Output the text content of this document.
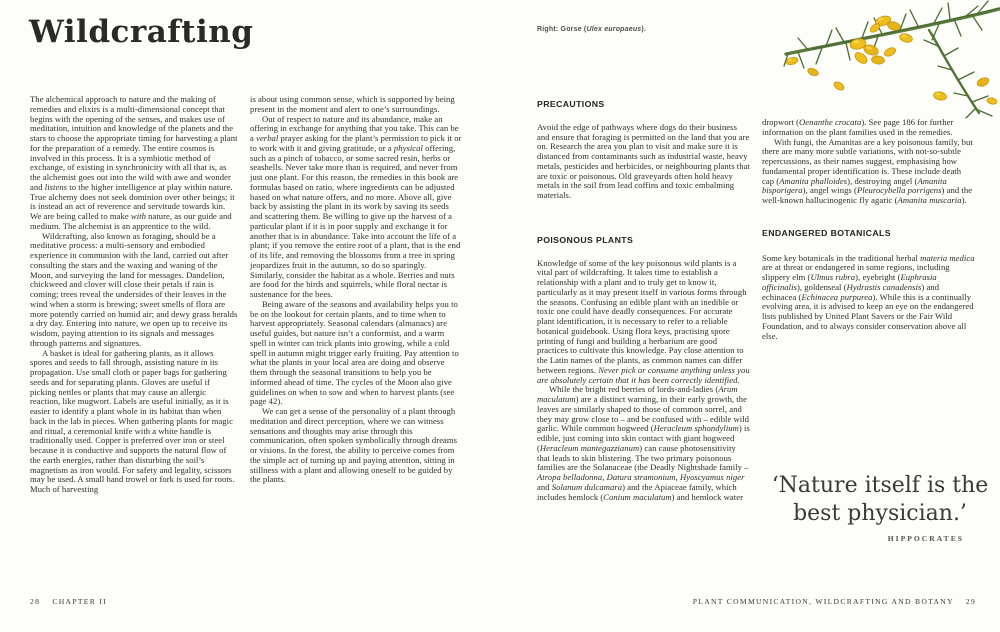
Wildcrafting

The alchemical approach to nature and the making of remedies and elixirs is a multi-dimensional concept that begins with the opening of the senses, and makes use of meditation, intuition and knowledge of the planets and the stars to choose the appropriate timing for harvesting a plant for the preparation of a remedy. The entire cosmos is involved in this process. It is a symbiotic method of exchange, of existing in synchronicity with all that is, as the alchemist goes out into the wild with awe and wonder and listens to the higher intelligence at play within nature. True alchemy does not seek dominion over other beings; it is instead an act of reverence and servitude towards kin. We are being called to make with nature, as our guide and medium. The alchemist is an apprentice to the wild.

Wildcrafting, also known as foraging, should be a meditative process: a multi-sensory and embodied experience in communion with the land, carried out after consulting the stars and the waxing and waning of the Moon, and surveying the land for messages. Dandelion, chickweed and clover will close their petals if rain is coming; trees reveal the undersides of their leaves in the wind when a storm is brewing; sweet smells of flora are more potently carried on humid air; and dewy grass heralds a dry day. Entering into nature, we open up to receive its wisdom, paying attention to its signals and messages through patterns and signatures.

A basket is ideal for gathering plants, as it allows spores and seeds to fall through, assisting nature in its propagation. Use small cloth or paper bags for gathering seeds and for separating plants. Gloves are useful if picking nettles or plants that may cause an allergic reaction, like mugwort. Labels are useful initially, as it is easier to identify a plant whole in its habitat than when back in the lab in pieces. When gathering plants for magic and ritual, a ceremonial knife with a white handle is traditionally used. Copper is preferred over iron or steel because it is conductive and supports the natural flow of the earth energies, rather than disturbing the soil’s magnetism as iron would. For safety and legality, scissors may be used. A small hand trowel or fork is used for roots. Much of harvesting

is about using common sense, which is supported by being present in the moment and alert to one’s surroundings.

Out of respect to nature and its abundance, make an offering in exchange for anything that you take. This can be a verbal prayer asking for the plant’s permission to pick it or to work with it and giving gratitude, or a physical offering, such as a pinch of tobacco, or some sacred resin, herbs or seashells. Never take more than is required, and never from just one plant. For this reason, the remedies in this book are formulas based on ratio, where ingredients can be adjusted based on what nature offers, and no more. Above all, give back by assisting the plant in its work by saving its seeds and scattering them. Be willing to give up the harvest of a particular plant if it is in poor supply and exchange it for another that is in abundance. Take into account the life of a plant; if you remove the entire root of a plant, that is the end of its life, and removing the blossoms from a tree in spring jeopardizes fruit in the autumn, so do so sparingly. Similarly, consider the habitat as a whole. Berries and nuts are food for the birds and squirrels, while floral nectar is sustenance for the bees.

Being aware of the seasons and availability helps you to be on the lookout for certain plants, and to time when to harvest appropriately. Seasonal calendars (almanacs) are useful guides, but nature isn’t a conformist, and a warm spell in winter can trick plants into growing, while a cold spell in autumn might trigger early fruiting. Pay attention to what the plants in your local area are doing and observe them through the seasonal transitions to help you be informed ahead of time. The cycles of the Moon also give guidelines on when to sow and when to harvest plants (see page 42).

We can get a sense of the personality of a plant through meditation and direct perception, where we can witness sensations and thoughts may arise through this communication, often spoken symbolically through dreams or visions. In the forest, the ability to perceive comes from the simple act of turning up and paying attention, sitting in stillness with a plant and allowing oneself to be guided by the plants.

28 CHAPTER II
Right: Gorse (Ulex europaeus).
PRECAUTIONS

Avoid the edge of pathways where dogs do their business and ensure that foraging is permitted on the land that you are on. Research the area you plan to visit and make sure it is distanced from contaminants such as industrial waste, heavy metals, pesticides and herbicides, or neighbouring plants that are toxic or poisonous. Old graveyards often hold heavy metals in the soil from lead coffins and toxic embalming materials.

POISONOUS PLANTS

Knowledge of some of the key poisonous wild plants is a vital part of wildcrafting. It takes time to establish a relationship with a plant and to truly get to know it, particularly as it may present itself in various forms through the seasons. Confusing an edible plant with an inedible or toxic one could have deadly consequences. For accurate plant identification, it is necessary to refer to a reliable botanical guidebook. Using flora keys, practising spore printing of fungi and building a herbarium are good practices to cultivate this knowledge. Pay close attention to the Latin names of the plants, as common names can differ between regions. Never pick or consume anything unless you are absolutely certain that it has been correctly identified.

While the bright red berries of lords-and-ladies (Arum maculatum) are a distinct warning, in their early growth, the leaves are similarly shaped to those of common sorrel, and they may grow close to – and be confused with – edible wild garlic. While common hogweed (Heracleum sphondylium) is edible, just coming into skin contact with giant hogweed (Heracleum mantegazzianum) can cause photosensitivity that leads to skin blistering. The two primary poisonous families are the Solanaceae (the Deadly Nightshade family – Atropa belladonna, Datura stramonium, Hyoscyamus niger and Solanum dulcamara) and the Apiaceae family, which includes hemlock (Conium maculatum) and hemlock water

dropwort (Oenanthe crocata). See page 186 for further information on the plant families used in the remedies.

With fungi, the Amanitas are a key poisonous family, but there are many more subtle variations, with not-so-subtle repercussions, as their names suggest, emphasising how fundamental proper identification is. These include death cap (Amanita phalloides), destroying angel (Amanita bisporigera), angel wings (Pleurocybella porrigens) and the well-known hallucinogenic fly agaric (Amanita muscaria).

ENDANGERED BOTANICALS

Some key botanicals in the traditional herbal materia medica are at threat or endangered in some regions, including slippery elm (Ulmus rubra), eyebright (Euphrasia officinalis), goldenseal (Hydrastis canadensis) and echinacea (Echinacea purpurea). While this is a continually evolving area, it is advised to keep an eye on the endangered lists published by United Plant Savers or the Fair Wild Foundation, and to always consider conservation above all else.

‘Nature itself is the best physician.’
HIPPOCRATES
PLANT COMMUNICATION, WILDCRAFTING AND BOTANY 29
